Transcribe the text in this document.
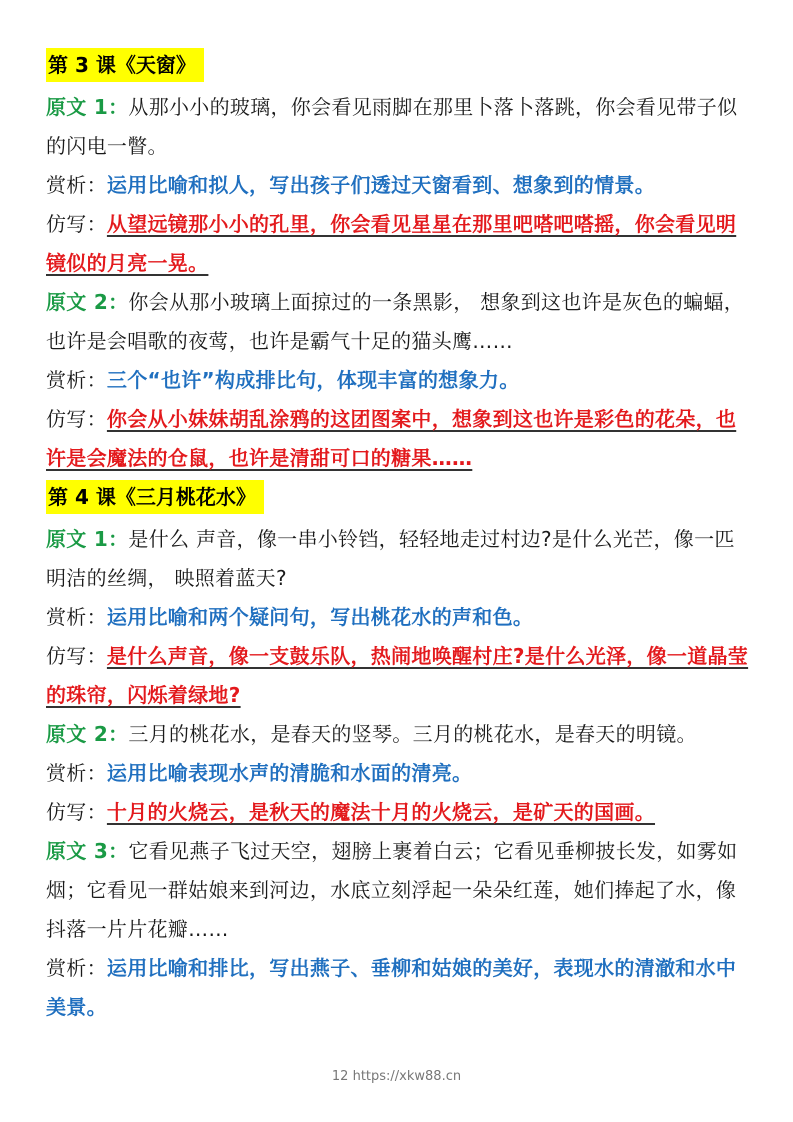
第 3 课《天窗》

原文 1：从那小小的玻璃，你会看见雨脚在那里卜落卜落跳，你会看见带子似的闪电一瞥。

赏析：运用比喻和拟人，写出孩子们透过天窗看到、想象到的情景。

仿写：从望远镜那小小的孔里，你会看见星星在那里吧嗒吧嗒摇，你会看见明镜似的月亮一晃。

原文 2：你会从那小玻璃上面掠过的一条黑影， 想象到这也许是灰色的蝙蝠，也许是会唱歌的夜莺，也许是霸气十足的猫头鹰……

赏析：三个“也许”构成排比句，体现丰富的想象力。

仿写：你会从小妹妹胡乱涂鸦的这团图案中，想象到这也许是彩色的花朵，也许是会魔法的仓鼠，也许是清甜可口的糖果……

第 4 课《三月桃花水》

原文 1：是什么 声音，像一串小铃铛，轻轻地走过村边?是什么光芒，像一匹明洁的丝绸， 映照着蓝天?

赏析：运用比喻和两个疑问句，写出桃花水的声和色。

仿写：是什么声音，像一支鼓乐队，热闹地唤醒村庄?是什么光泽，像一道晶莹的珠帘，闪烁着绿地?

原文 2：三月的桃花水，是春天的竖琴。三月的桃花水，是春天的明镜。

赏析：运用比喻表现水声的清脆和水面的清亮。

仿写：十月的火烧云，是秋天的魔法十月的火烧云，是矿天的国画。

原文 3：它看见燕子飞过天空，翅膀上裹着白云；它看见垂柳披长发，如雾如烟；它看见一群姑娘来到河边，水底立刻浮起一朵朵红莲，她们捧起了水，像抖落一片片花瓣……

赏析：运用比喻和排比，写出燕子、垂柳和姑娘的美好，表现水的清澈和水中美景。

12 https://xkw88.cn
